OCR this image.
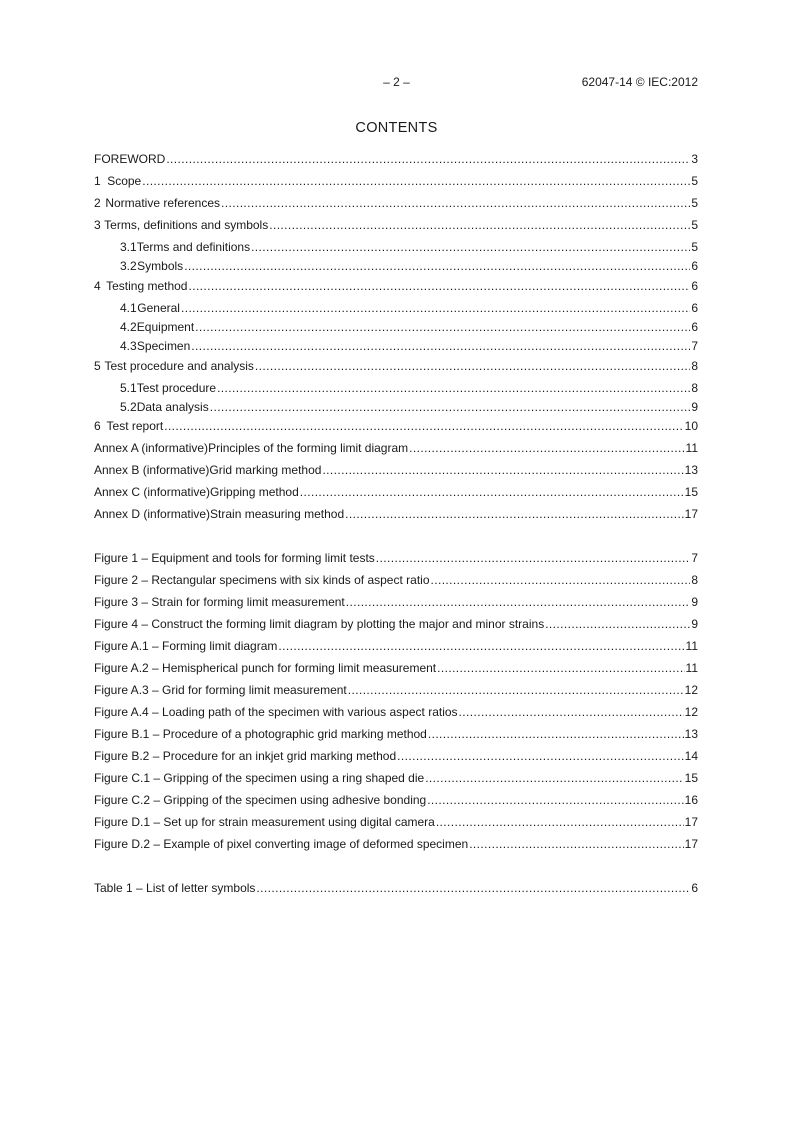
– 2 –	62047-14 © IEC:2012
CONTENTS
FOREWORD .....	3
1 Scope .....	5
2 Normative references .....	5
3 Terms, definitions and symbols .....	5
3.1 Terms and definitions .....	5
3.2 Symbols .....	6
4 Testing method .....	6
4.1 General .....	6
4.2 Equipment .....	6
4.3 Specimen .....	7
5 Test procedure and analysis .....	8
5.1 Test procedure .....	8
5.2 Data analysis .....	9
6 Test report .....	10
Annex A (informative) Principles of the forming limit diagram .....	11
Annex B (informative) Grid marking method .....	13
Annex C (informative) Gripping method .....	15
Annex D (informative) Strain measuring method .....	17
Figure 1 – Equipment and tools for forming limit tests .....	7
Figure 2 – Rectangular specimens with six kinds of aspect ratio .....	8
Figure 3 – Strain for forming limit measurement .....	9
Figure 4 – Construct the forming limit diagram by plotting the major and minor strains .....	9
Figure A.1 – Forming limit diagram .....	11
Figure A.2 – Hemispherical punch for forming limit measurement .....	11
Figure A.3 – Grid for forming limit measurement .....	12
Figure A.4 – Loading path of the specimen with various aspect ratios .....	12
Figure B.1 – Procedure of a photographic grid marking method .....	13
Figure B.2 – Procedure for an inkjet grid marking method .....	14
Figure C.1 – Gripping of the specimen using a ring shaped die .....	15
Figure C.2 – Gripping of the specimen using adhesive bonding .....	16
Figure D.1 – Set up for strain measurement using digital camera .....	17
Figure D.2 – Example of pixel converting image of deformed specimen .....	17
Table 1 – List of letter symbols .....	6
